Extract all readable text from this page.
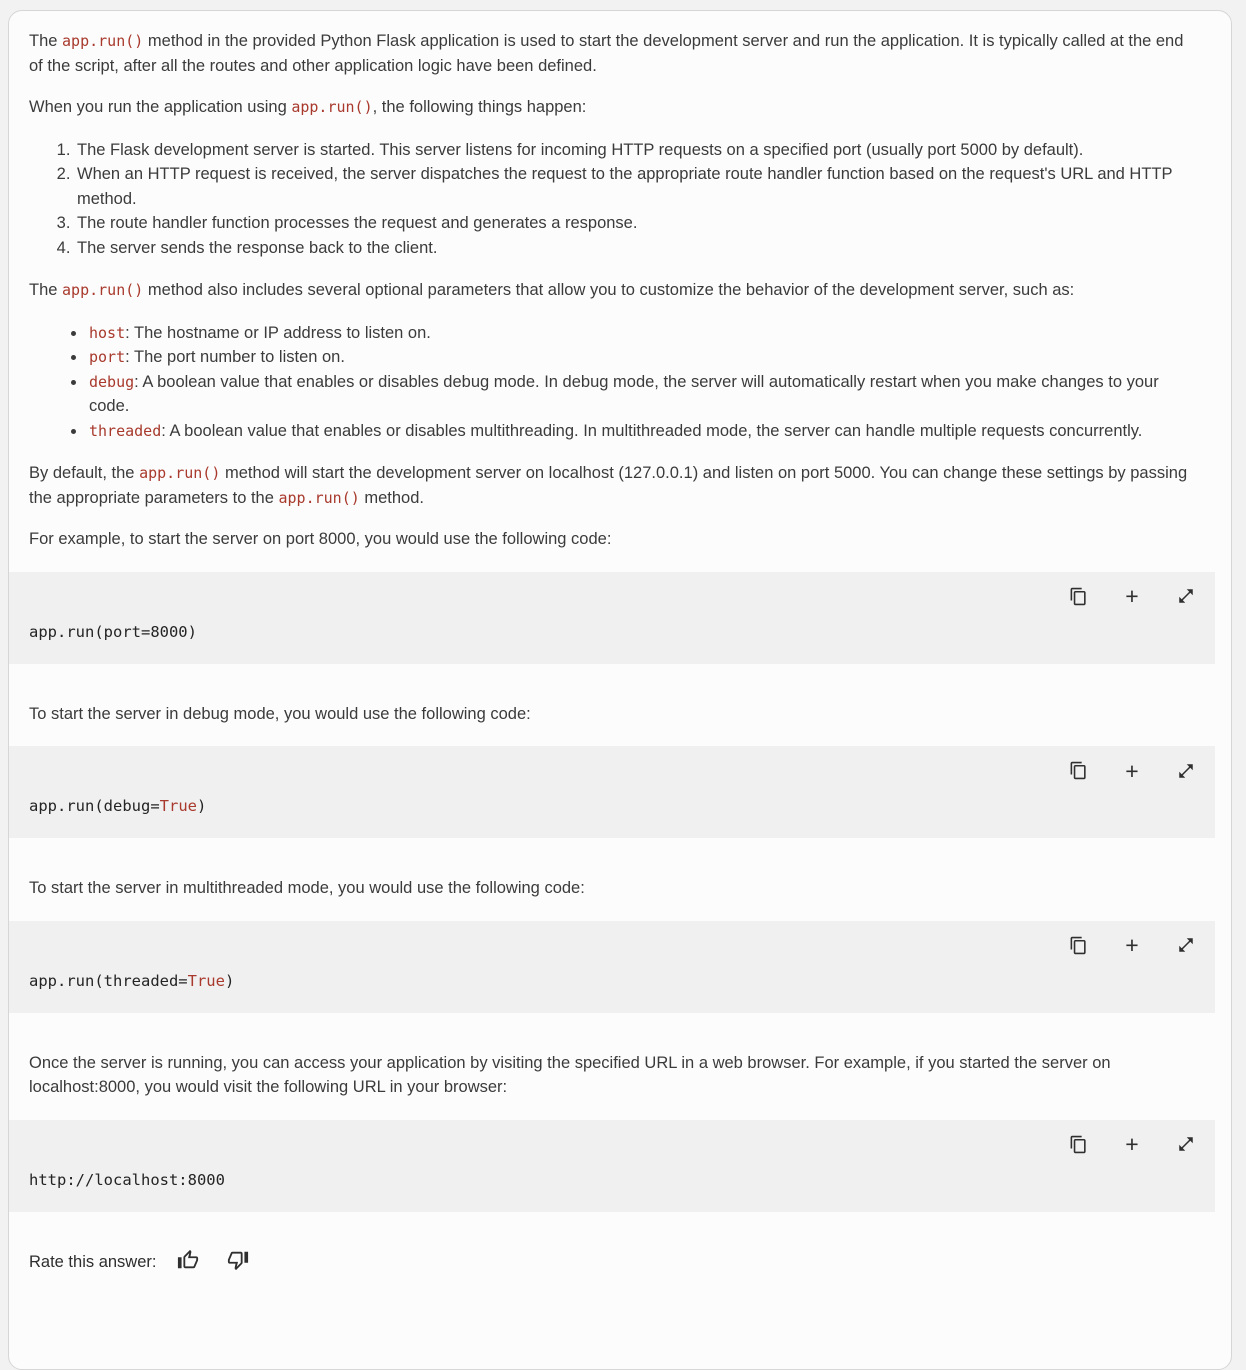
The app.run() method in the provided Python Flask application is used to start the development server and run the application. It is typically called at the end of the script, after all the routes and other application logic have been defined.

When you run the application using app.run(), the following things happen:

1. The Flask development server is started. This server listens for incoming HTTP requests on a specified port (usually port 5000 by default).
2. When an HTTP request is received, the server dispatches the request to the appropriate route handler function based on the request's URL and HTTP method.
3. The route handler function processes the request and generates a response.
4. The server sends the response back to the client.

The app.run() method also includes several optional parameters that allow you to customize the behavior of the development server, such as:

• host: The hostname or IP address to listen on.
• port: The port number to listen on.
• debug: A boolean value that enables or disables debug mode. In debug mode, the server will automatically restart when you make changes to your code.
• threaded: A boolean value that enables or disables multithreading. In multithreaded mode, the server can handle multiple requests concurrently.

By default, the app.run() method will start the development server on localhost (127.0.0.1) and listen on port 5000. You can change these settings by passing the appropriate parameters to the app.run() method.

For example, to start the server on port 8000, you would use the following code:

+
app.run(port=8000)

To start the server in debug mode, you would use the following code:

+
app.run(debug=True)

To start the server in multithreaded mode, you would use the following code:

+
app.run(threaded=True)

Once the server is running, you can access your application by visiting the specified URL in a web browser. For example, if you started the server on localhost:8000, you would visit the following URL in your browser:

+
http://localhost:8000
Rate this answer:
